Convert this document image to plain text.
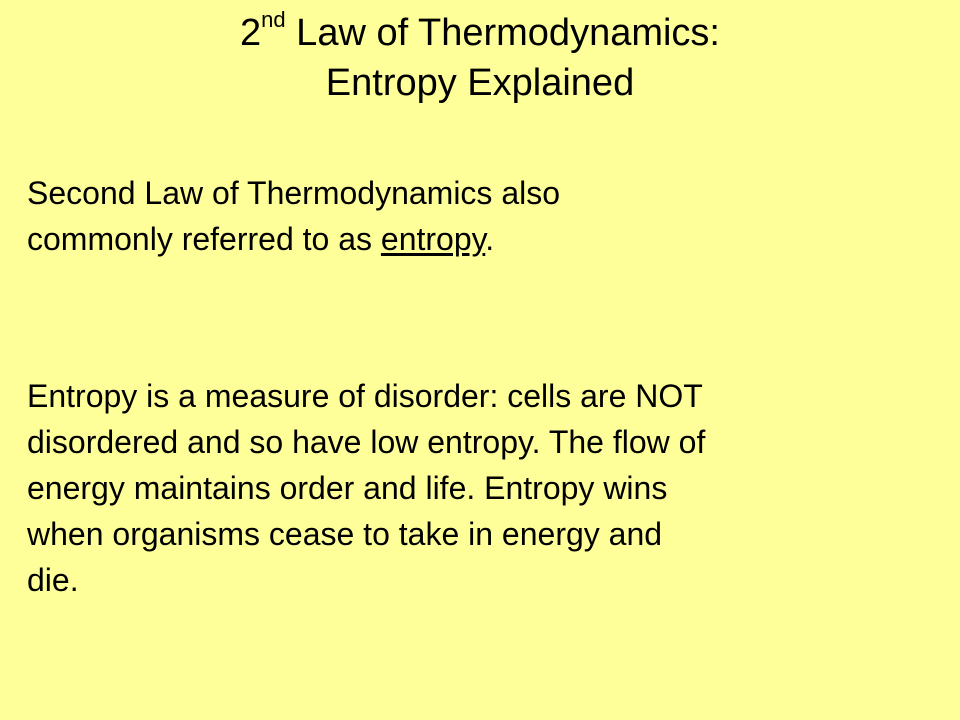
2nd Law of Thermodynamics:
Entropy Explained

Second Law of Thermodynamics also
commonly referred to as entropy.

Entropy is a measure of disorder: cells are NOT
disordered and so have low entropy. The flow of
energy maintains order and life. Entropy wins
when organisms cease to take in energy and
die.
